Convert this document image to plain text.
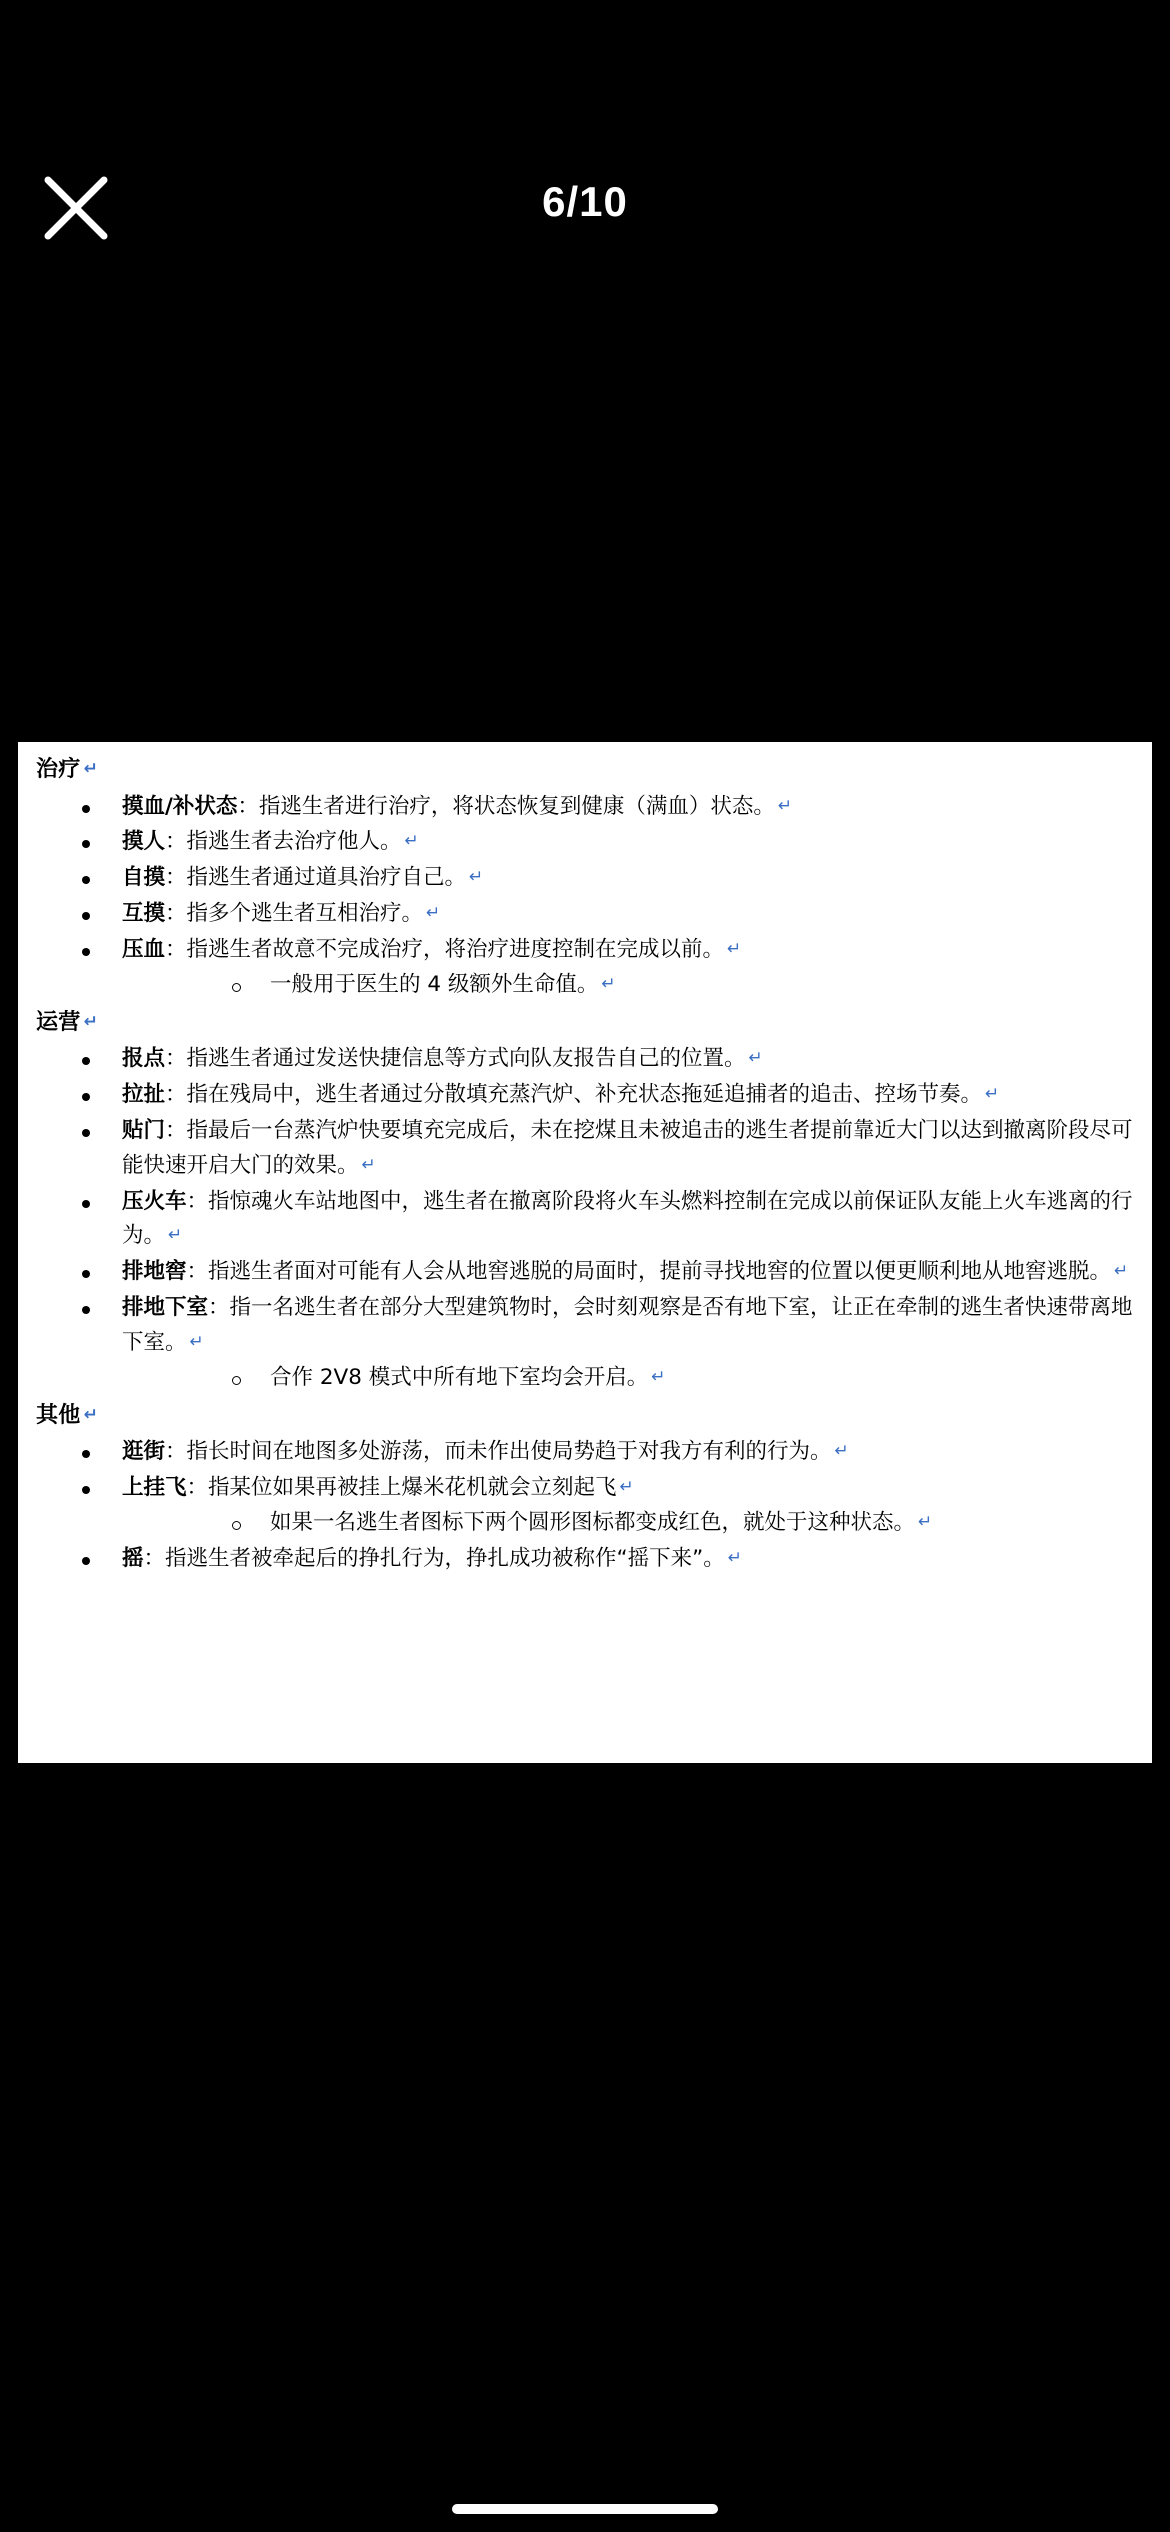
6/10
治疗 ↵
摸血/补状态：指逃生者进行治疗，将状态恢复到健康（满血）状态。 ↵
摸人：指逃生者去治疗他人。 ↵
自摸：指逃生者通过道具治疗自己。 ↵
互摸：指多个逃生者互相治疗。 ↵
压血：指逃生者故意不完成治疗，将治疗进度控制在完成以前。 ↵
一般用于医生的 4 级额外生命值。 ↵
运营 ↵
报点：指逃生者通过发送快捷信息等方式向队友报告自己的位置。 ↵
拉扯：指在残局中，逃生者通过分散填充蒸汽炉、补充状态拖延追捕者的追击、控场节奏。 ↵
贴门：指最后一台蒸汽炉快要填充完成后，未在挖煤且未被追击的逃生者提前靠近大门以达到撤离阶段尽可能快速开启大门的效果。 ↵
压火车：指惊魂火车站地图中，逃生者在撤离阶段将火车头燃料控制在完成以前保证队友能上火车逃离的行为。 ↵
排地窖：指逃生者面对可能有人会从地窖逃脱的局面时，提前寻找地窖的位置以便更顺利地从地窖逃脱。 ↵
排地下室：指一名逃生者在部分大型建筑物时，会时刻观察是否有地下室，让正在牵制的逃生者快速带离地下室。 ↵
合作 2V8 模式中所有地下室均会开启。 ↵
其他 ↵
逛街：指长时间在地图多处游荡，而未作出使局势趋于对我方有利的行为。 ↵
上挂飞：指某位如果再被挂上爆米花机就会立刻起飞 ↵
如果一名逃生者图标下两个圆形图标都变成红色，就处于这种状态。 ↵
摇：指逃生者被牵起后的挣扎行为，挣扎成功被称作“摇下来”。 ↵
